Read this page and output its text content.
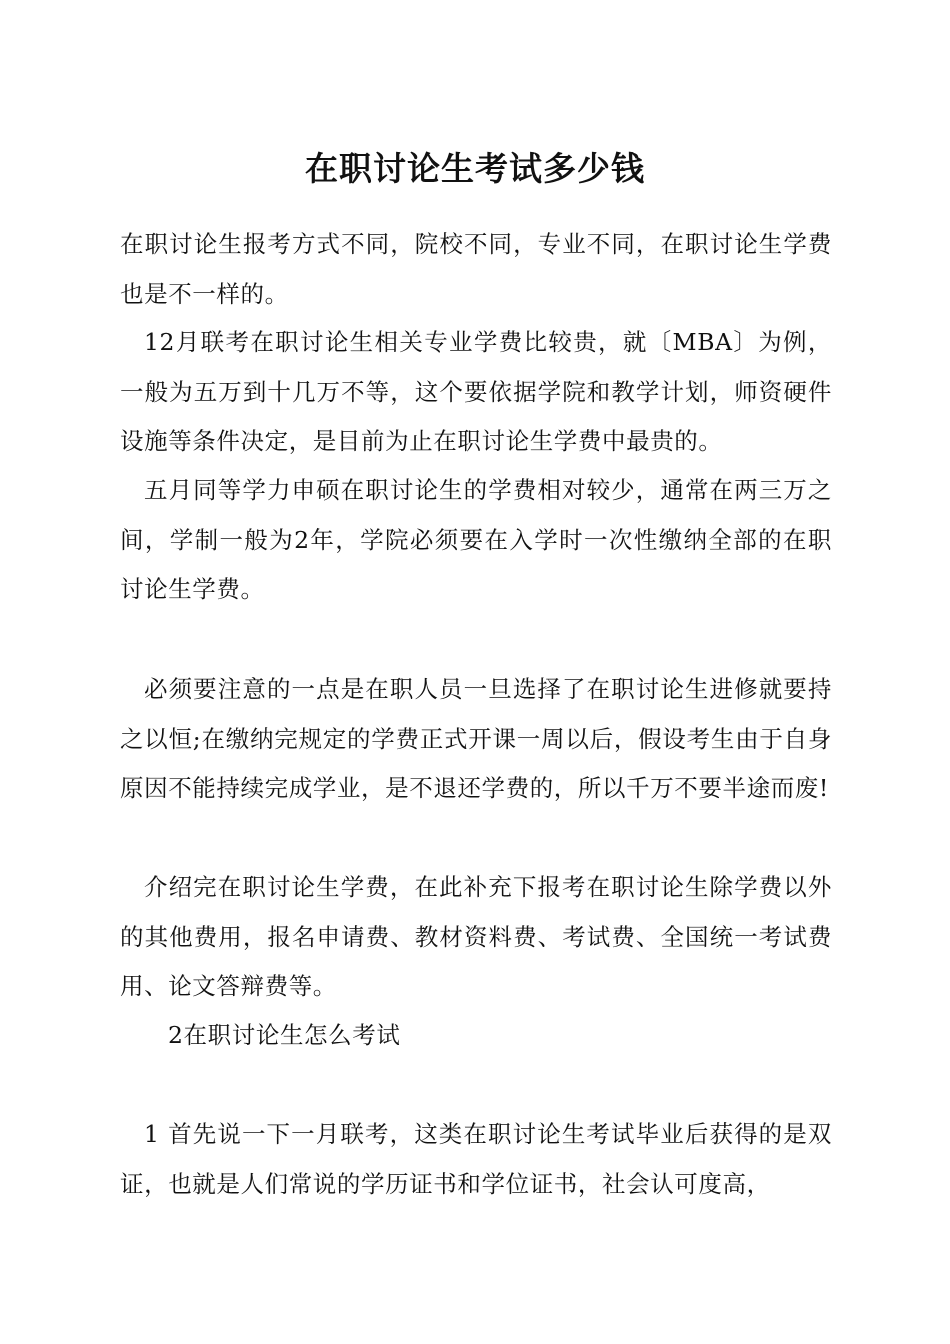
在职讨论生考试多少钱

在职讨论生报考方式不同，院校不同，专业不同，在职讨论生学费也是不一样的。

12月联考在职讨论生相关专业学费比较贵，就〔MBA〕为例，一般为五万到十几万不等，这个要依据学院和教学计划，师资硬件设施等条件决定，是目前为止在职讨论生学费中最贵的。

五月同等学力申硕在职讨论生的学费相对较少，通常在两三万之间，学制一般为2年，学院必须要在入学时一次性缴纳全部的在职讨论生学费。

必须要注意的一点是在职人员一旦选择了在职讨论生进修就要持之以恒;在缴纳完规定的学费正式开课一周以后，假设考生由于自身原因不能持续完成学业，是不退还学费的，所以千万不要半途而废!

介绍完在职讨论生学费，在此补充下报考在职讨论生除学费以外的其他费用，报名申请费、教材资料费、考试费、全国统一考试费用、论文答辩费等。

2在职讨论生怎么考试

1 首先说一下一月联考，这类在职讨论生考试毕业后获得的是双证，也就是人们常说的学历证书和学位证书，社会认可度高，
